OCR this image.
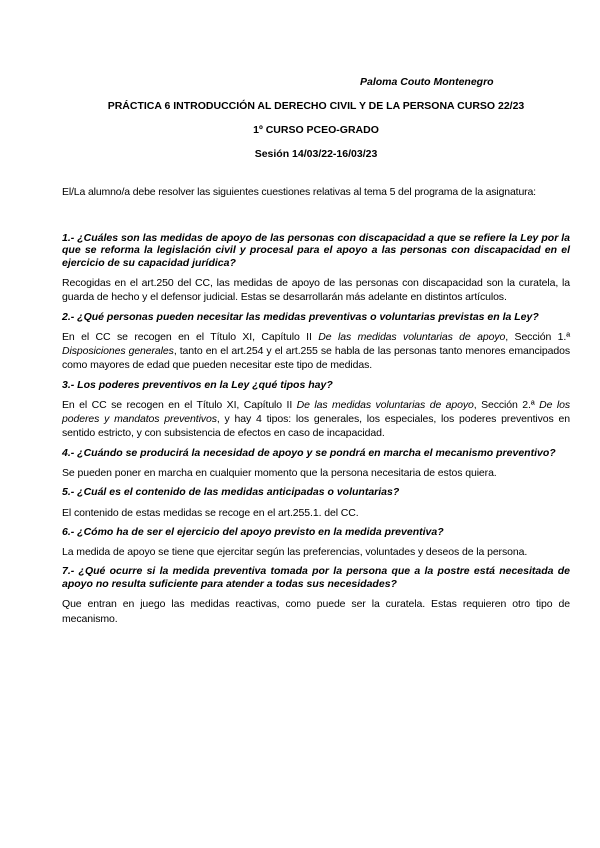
Paloma Couto Montenegro
PRÁCTICA 6 INTRODUCCIÓN AL DERECHO CIVIL Y DE LA PERSONA CURSO 22/23
1º CURSO PCEO-GRADO
Sesión 14/03/22-16/03/23
El/La alumno/a debe resolver las siguientes cuestiones relativas al tema 5 del programa de la asignatura:

1.- ¿Cuáles son las medidas de apoyo de las personas con discapacidad a que se refiere la Ley por la que se reforma la legislación civil y procesal para el apoyo a las personas con discapacidad en el ejercicio de su capacidad jurídica?

Recogidas en el art.250 del CC, las medidas de apoyo de las personas con discapacidad son la curatela, la guarda de hecho y el defensor judicial. Estas se desarrollarán más adelante en distintos artículos.

2.- ¿Qué personas pueden necesitar las medidas preventivas o voluntarias previstas en la Ley?

En el CC se recogen en el Título XI, Capítulo II De las medidas voluntarias de apoyo, Sección 1.ª Disposiciones generales, tanto en el art.254 y el art.255 se habla de las personas tanto menores emancipados como mayores de edad que pueden necesitar este tipo de medidas.

3.- Los poderes preventivos en la Ley ¿qué tipos hay?

En el CC se recogen en el Título XI, Capítulo II De las medidas voluntarias de apoyo, Sección 2.ª De los poderes y mandatos preventivos, y hay 4 tipos: los generales, los especiales, los poderes preventivos en sentido estricto, y con subsistencia de efectos en caso de incapacidad.

4.- ¿Cuándo se producirá la necesidad de apoyo y se pondrá en marcha el mecanismo preventivo?

Se pueden poner en marcha en cualquier momento que la persona necesitaria de estos quiera.

5.- ¿Cuál es el contenido de las medidas anticipadas o voluntarias?

El contenido de estas medidas se recoge en el art.255.1. del CC.

6.- ¿Cómo ha de ser el ejercicio del apoyo previsto en la medida preventiva?

La medida de apoyo se tiene que ejercitar según las preferencias, voluntades y deseos de la persona.

7.- ¿Qué ocurre si la medida preventiva tomada por la persona que a la postre está necesitada de apoyo no resulta suficiente para atender a todas sus necesidades?

Que entran en juego las medidas reactivas, como puede ser la curatela. Estas requieren otro tipo de mecanismo.
